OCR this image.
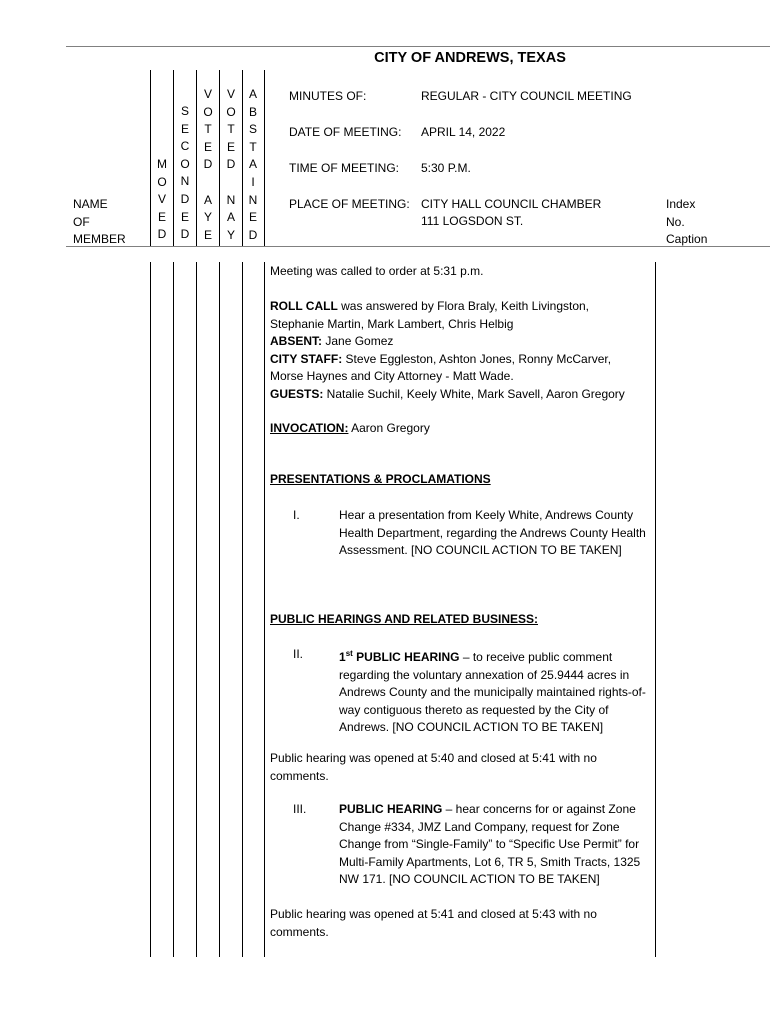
CITY OF ANDREWS, TEXAS
NAME
OF
MEMBER
M
O
V
E
D
S
E
C
O
N
D
E
D
V
O
T
E
D
A
Y
E
V
O
T
E
D
N
A
Y
A
B
S
T
A
I
N
E
D
MINUTES OF:	REGULAR - CITY COUNCIL MEETING
DATE OF MEETING: APRIL 14, 2022
TIME OF MEETING: 5:30 P.M.
PLACE OF MEETING: CITY HALL COUNCIL CHAMBER
111 LOGSDON ST.
Index
No.
Caption
Meeting was called to order at 5:31 p.m.

ROLL CALL was answered by Flora Braly, Keith Livingston,

Stephanie Martin, Mark Lambert, Chris Helbig

ABSENT: Jane Gomez

CITY STAFF: Steve Eggleston, Ashton Jones, Ronny McCarver,

Morse Haynes and City Attorney - Matt Wade.

GUESTS: Natalie Suchil, Keely White, Mark Savell, Aaron Gregory

INVOCATION: Aaron Gregory
PRESENTATIONS & PROCLAMATIONS
I.	Hear a presentation from Keely White, Andrews County Health Department, regarding the Andrews County Health Assessment. [NO COUNCIL ACTION TO BE TAKEN]
PUBLIC HEARINGS AND RELATED BUSINESS:
II.	1st PUBLIC HEARING – to receive public comment regarding the voluntary annexation of 25.9444 acres in Andrews County and the municipally maintained rights-of-way contiguous thereto as requested by the City of Andrews. [NO COUNCIL ACTION TO BE TAKEN]
Public hearing was opened at 5:40 and closed at 5:41 with no comments.
III.	PUBLIC HEARING – hear concerns for or against Zone Change #334, JMZ Land Company, request for Zone Change from “Single-Family” to “Specific Use Permit” for Multi-Family Apartments, Lot 6, TR 5, Smith Tracts, 1325 NW 171. [NO COUNCIL ACTION TO BE TAKEN]
Public hearing was opened at 5:41 and closed at 5:43 with no comments.
